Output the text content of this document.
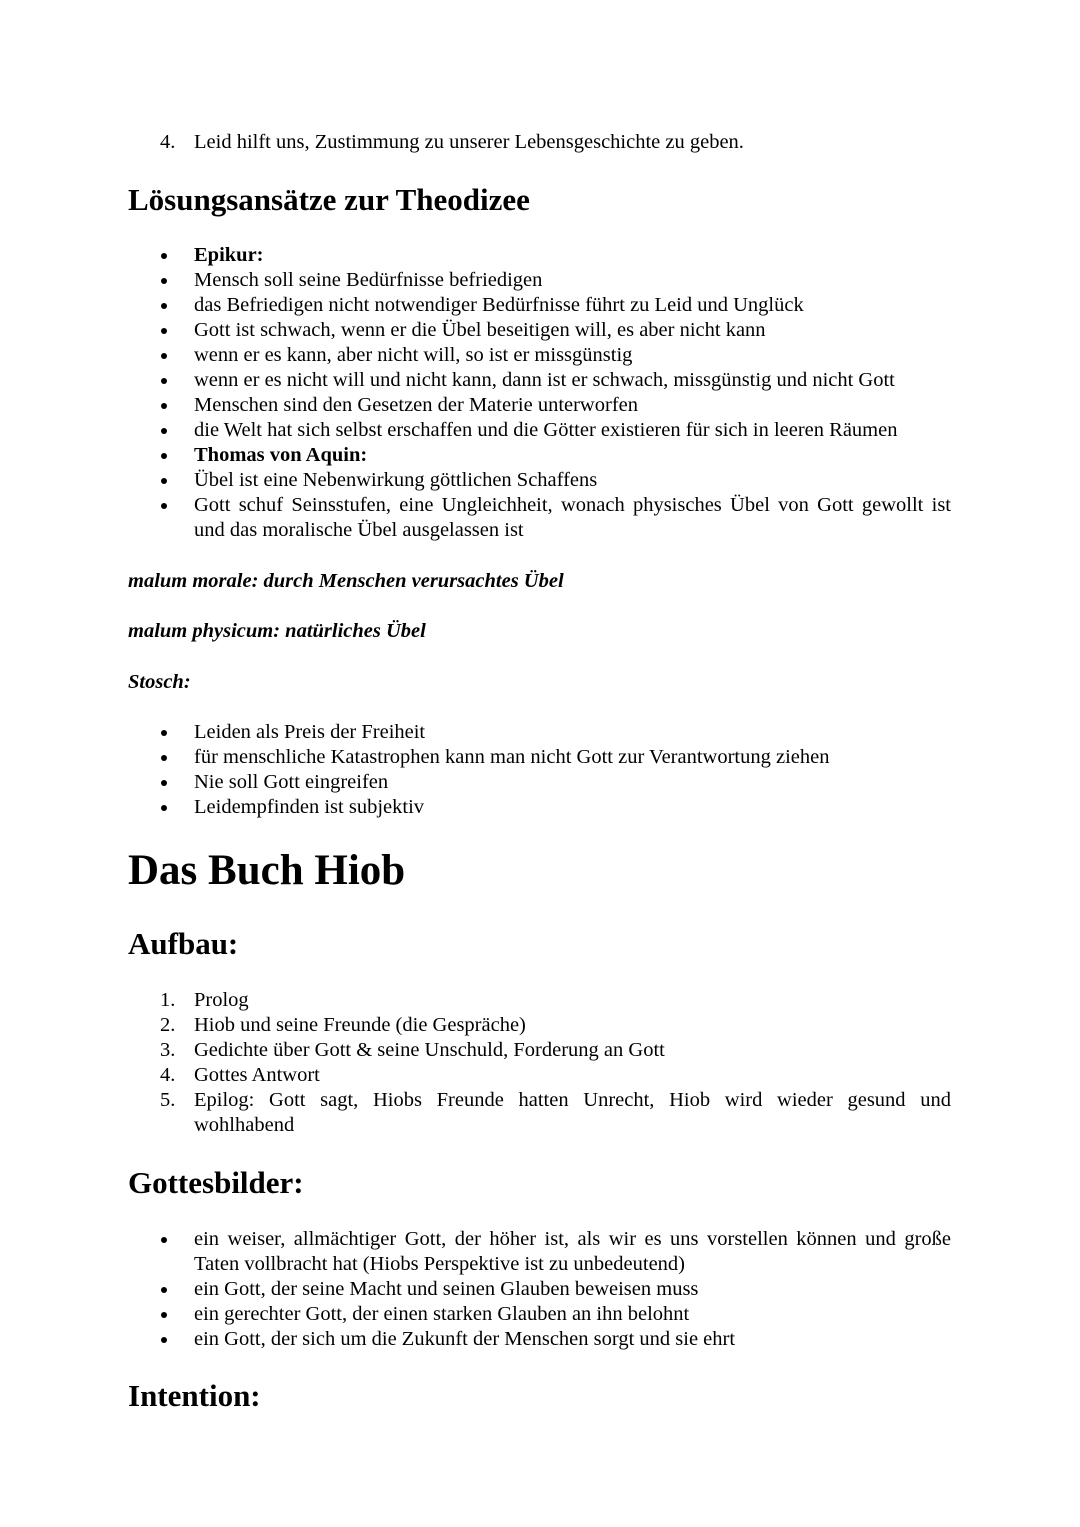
4. Leid hilft uns, Zustimmung zu unserer Lebensgeschichte zu geben.
Lösungsansätze zur Theodizee
Epikur:
Mensch soll seine Bedürfnisse befriedigen
das Befriedigen nicht notwendiger Bedürfnisse führt zu Leid und Unglück
Gott ist schwach, wenn er die Übel beseitigen will, es aber nicht kann
wenn er es kann, aber nicht will, so ist er missgünstig
wenn er es nicht will und nicht kann, dann ist er schwach, missgünstig und nicht Gott
Menschen sind den Gesetzen der Materie unterworfen
die Welt hat sich selbst erschaffen und die Götter existieren für sich in leeren Räumen
Thomas von Aquin:
Übel ist eine Nebenwirkung göttlichen Schaffens
Gott schuf Seinsstufen, eine Ungleichheit, wonach physisches Übel von Gott gewollt ist und das moralische Übel ausgelassen ist
malum morale: durch Menschen verursachtes Übel
malum physicum: natürliches Übel
Stosch:
Leiden als Preis der Freiheit
für menschliche Katastrophen kann man nicht Gott zur Verantwortung ziehen
Nie soll Gott eingreifen
Leidempfinden ist subjektiv
Das Buch Hiob
Aufbau:
1. Prolog
2. Hiob und seine Freunde (die Gespräche)
3. Gedichte über Gott & seine Unschuld, Forderung an Gott
4. Gottes Antwort
5. Epilog: Gott sagt, Hiobs Freunde hatten Unrecht, Hiob wird wieder gesund und wohlhabend
Gottesbilder:
ein weiser, allmächtiger Gott, der höher ist, als wir es uns vorstellen können und große Taten vollbracht hat (Hiobs Perspektive ist zu unbedeutend)
ein Gott, der seine Macht und seinen Glauben beweisen muss
ein gerechter Gott, der einen starken Glauben an ihn belohnt
ein Gott, der sich um die Zukunft der Menschen sorgt und sie ehrt
Intention:
